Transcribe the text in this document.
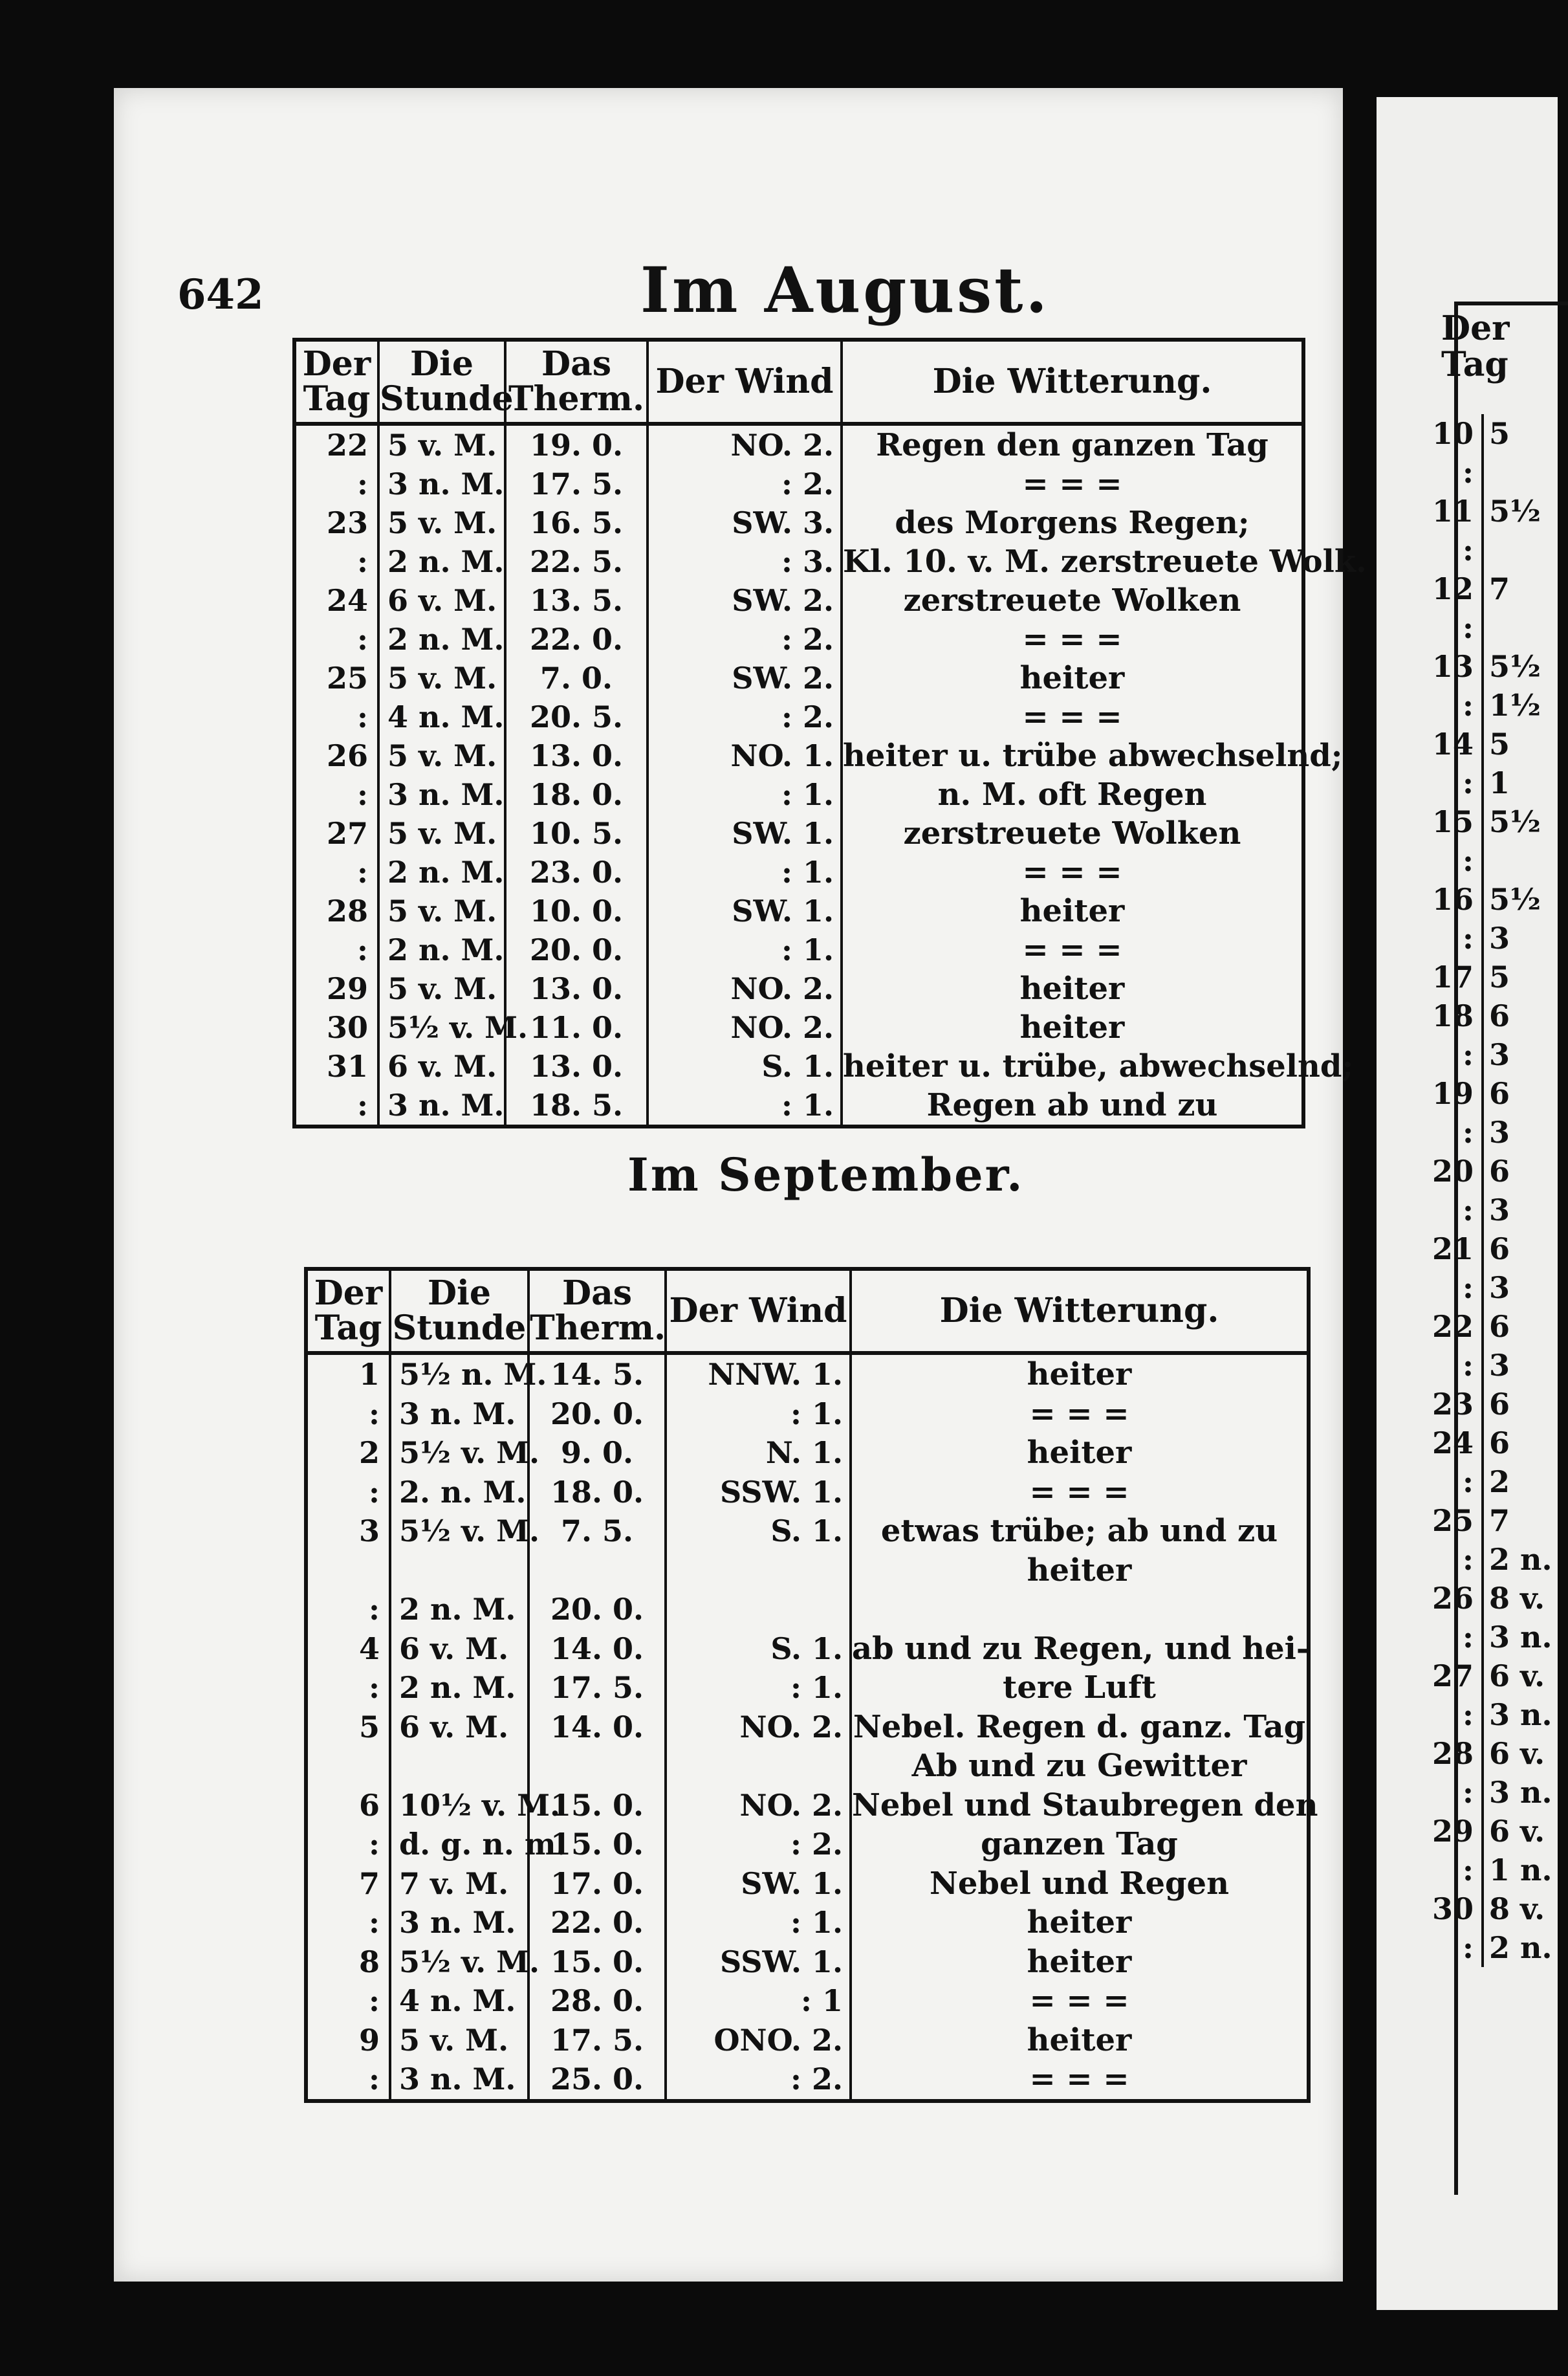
642	Im August.
Der Tag	Die Stunde	Das Therm.	Der Wind	Die Witterung.
22	5 v. M.	19. 0.	NO. 2.	Regen den ganzen Tag
:	3 n. M.	17. 5.	: 2.	= = =
23	5 v. M.	16. 5.	SW. 3.	des Morgens Regen;
:	2 n. M.	22. 5.	: 3.	Kl. 10. v. M. zerstreuete Wolk.
24	6 v. M.	13. 5.	SW. 2.	zerstreuete Wolken
:	2 n. M.	22. 0.	: 2.	= = =
25	5 v. M.	7. 0.	SW. 2.	heiter
:	4 n. M.	20. 5.	: 2.	= = =
26	5 v. M.	13. 0.	NO. 1.	heiter u. trübe abwechselnd;
:	3 n. M.	18. 0.	: 1.	n. M. oft Regen
27	5 v. M.	10. 5.	SW. 1.	zerstreuete Wolken
:	2 n. M.	23. 0.	: 1.	= = =
28	5 v. M.	10. 0.	SW. 1.	heiter
:	2 n. M.	20. 0.	: 1.	= = =
29	5 v. M.	13. 0.	NO. 2.	heiter
30	5½ v. M.	11. 0.	NO. 2.	heiter
31	6 v. M.	13. 0.	S. 1.	heiter u. trübe, abwechselnd;
:	3 n. M.	18. 5.	: 1.	Regen ab und zu
Im September.
Der Tag	Die Stunde	Das Therm.	Der Wind	Die Witterung.
1	5½ n. M.	14. 5.	NNW. 1.	heiter
:	3 n. M.	20. 0.	: 1.	= = =
2	5½ v. M.	9. 0.	N. 1.	heiter
:	2. n. M.	18. 0.	SSW. 1.	= = =
3	5½ v. M.	7. 5.	S. 1.	etwas trübe; ab und zu
				heiter
:	2 n. M.	20. 0.		
4	6 v. M.	14. 0.	S. 1.	ab und zu Regen, und hei-
:	2 n. M.	17. 5.	: 1.	tere Luft
5	6 v. M.	14. 0.	NO. 2.	Nebel. Regen d. ganz. Tag
				Ab und zu Gewitter
6	10½ v. M.	15. 0.	NO. 2.	Nebel und Staubregen den
:	d. g. n. m.	15. 0.	: 2.	ganzen Tag
7	7 v. M.	17. 0.	SW. 1.	Nebel und Regen
:	3 n. M.	22. 0.	: 1.	heiter
8	5½ v. M.	15. 0.	SSW. 1.	heiter
:	4 n. M.	28. 0.	: 1	= = =
9	5 v. M.	17. 5.	ONO. 2.	heiter
:	3 n. M.	25. 0.	: 2.	= = =
Der Tag
10 5
:
11 5½
:
12 7
:
13 5½
: 1½
14 5
: 1
15 5½
:
16 5½
: 3
17 5
18 6
: 3
19 6
: 3
20 6
: 3
21 6
: 3
22 6
: 3
23 6
24 6
: 2
25 7
: 2 n.
26 8 v.
: 3 n.
27 6 v.
: 3 n.
28 6 v.
: 3 n.
29 6 v.
: 1 n.
30 8 v.
: 2 n.
